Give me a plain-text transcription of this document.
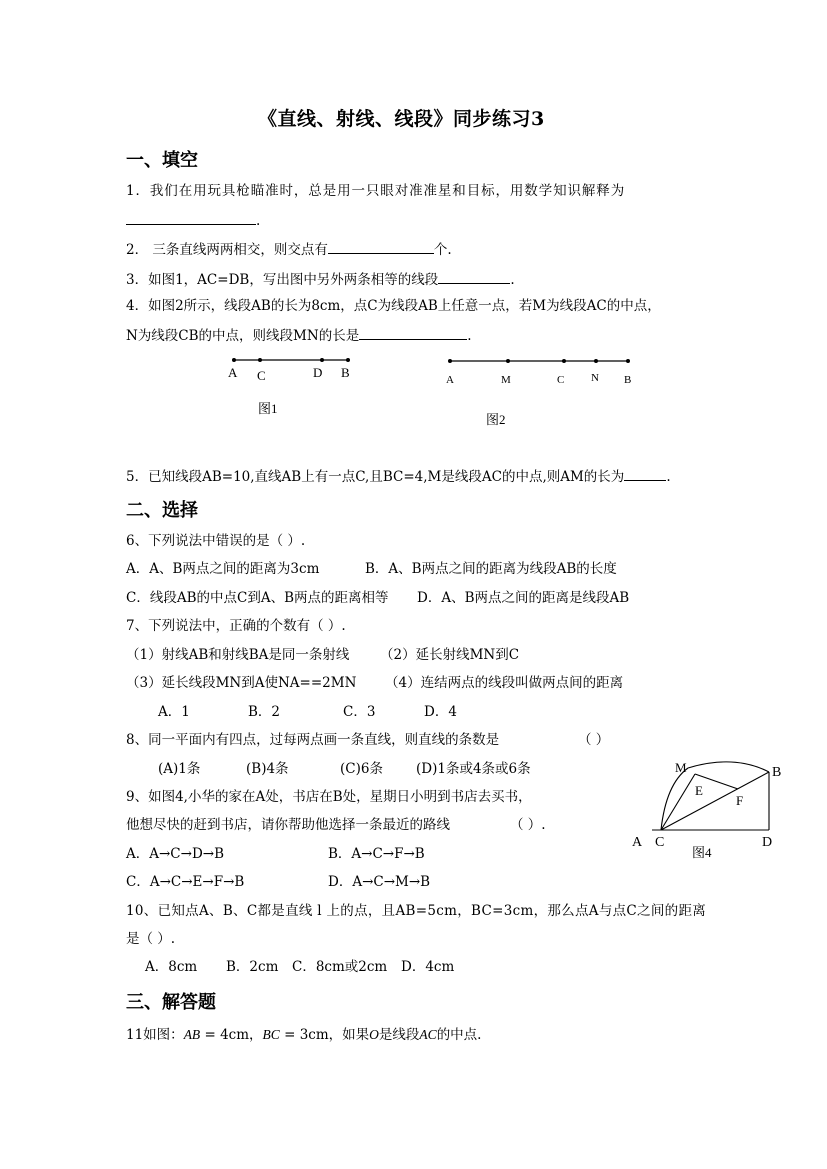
《直线、射线、线段》同步练习3
一、填空
1．我们在用玩具枪瞄准时，总是用一只眼对准准星和目标，用数学知识解释为
.
2． 三条直线两两相交，则交点有	个.
3．如图1，AC=DB，写出图中另外两条相等的线段	.
4．如图2所示，线段AB的长为8cm，点C为线段AB上任意一点，若M为线段AC的中点，
N为线段CB的中点，则线段MN的长是	.
A C	D B
图1
A	M	C N B
图2
5．已知线段AB=10,直线AB上有一点C,且BC=4,M是线段AC的中点,则AM的长为	.
二、选择
6、下列说法中错误的是（ ）.
A．A、B两点之间的距离为3cm	B．A、B两点之间的距离为线段AB的长度
C．线段AB的中点C到A、B两点的距离相等 D．A、B两点之间的距离是线段AB
7、下列说法中，正确的个数有（ ）.
（1）射线AB和射线BA是同一条射线 （2）延长射线MN到C
（3）延长线段MN到A使NA==2MN （4）连结两点的线段叫做两点间的距离
A．1	B．2	C．3	D．4
8、同一平面内有四点，过每两点画一条直线，则直线的条数是	（ ）
(A)1条	(B)4条	(C)6条 (D)1条或4条或6条
9、如图4,小华的家在A处，书店在B处，星期日小明到书店去买书，
他想尽快的赶到书店，请你帮助他选择一条最近的路线	（ ）.
A．A→C→D→B	B．A→C→F→B
C．A→C→E→F→B	D．A→C→M→B
M	B
E
F
A C	D
图4
10、已知点A、B、C都是直线 l 上的点，且AB=5cm，BC=3cm，那么点A与点C之间的距离
是（ ）.
A．8cm B．2cm C．8cm或2cm D．4cm
三、解答题
11如图：AB = 4cm，BC = 3cm，如果O是线段AC的中点.
